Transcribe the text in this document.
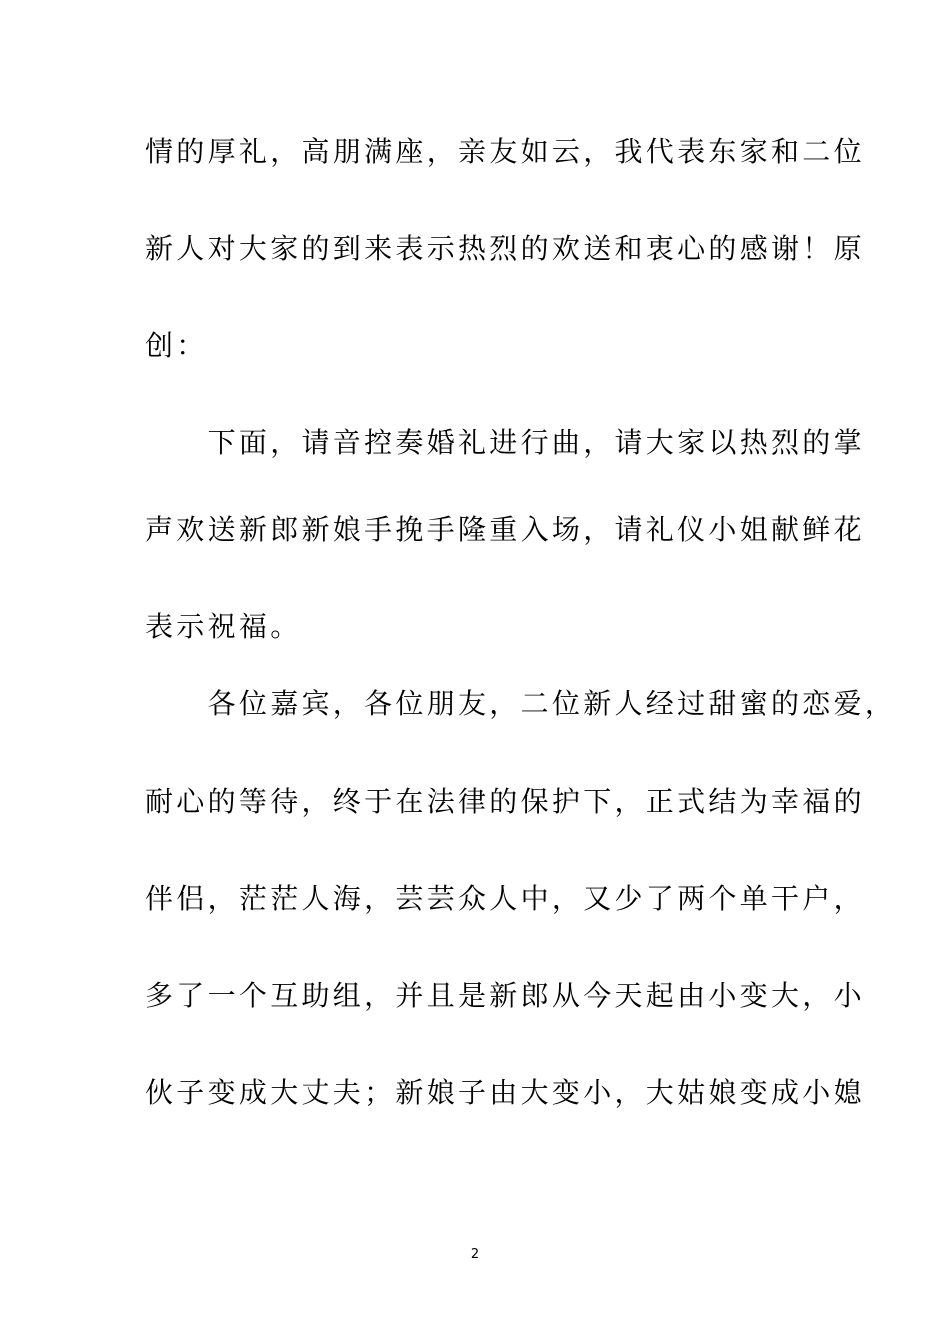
情的厚礼，高朋满座，亲友如云，我代表东家和二位
新人对大家的到来表示热烈的欢送和衷心的感谢！原
创：
　　下面，请音控奏婚礼进行曲，请大家以热烈的掌
声欢送新郎新娘手挽手隆重入场，请礼仪小姐献鲜花
表示祝福。
　　各位嘉宾，各位朋友，二位新人经过甜蜜的恋爱，
耐心的等待，终于在法律的保护下，正式结为幸福的
伴侣，茫茫人海，芸芸众人中，又少了两个单干户，
多了一个互助组，并且是新郎从今天起由小变大，小
伙子变成大丈夫；新娘子由大变小，大姑娘变成小媳
2
